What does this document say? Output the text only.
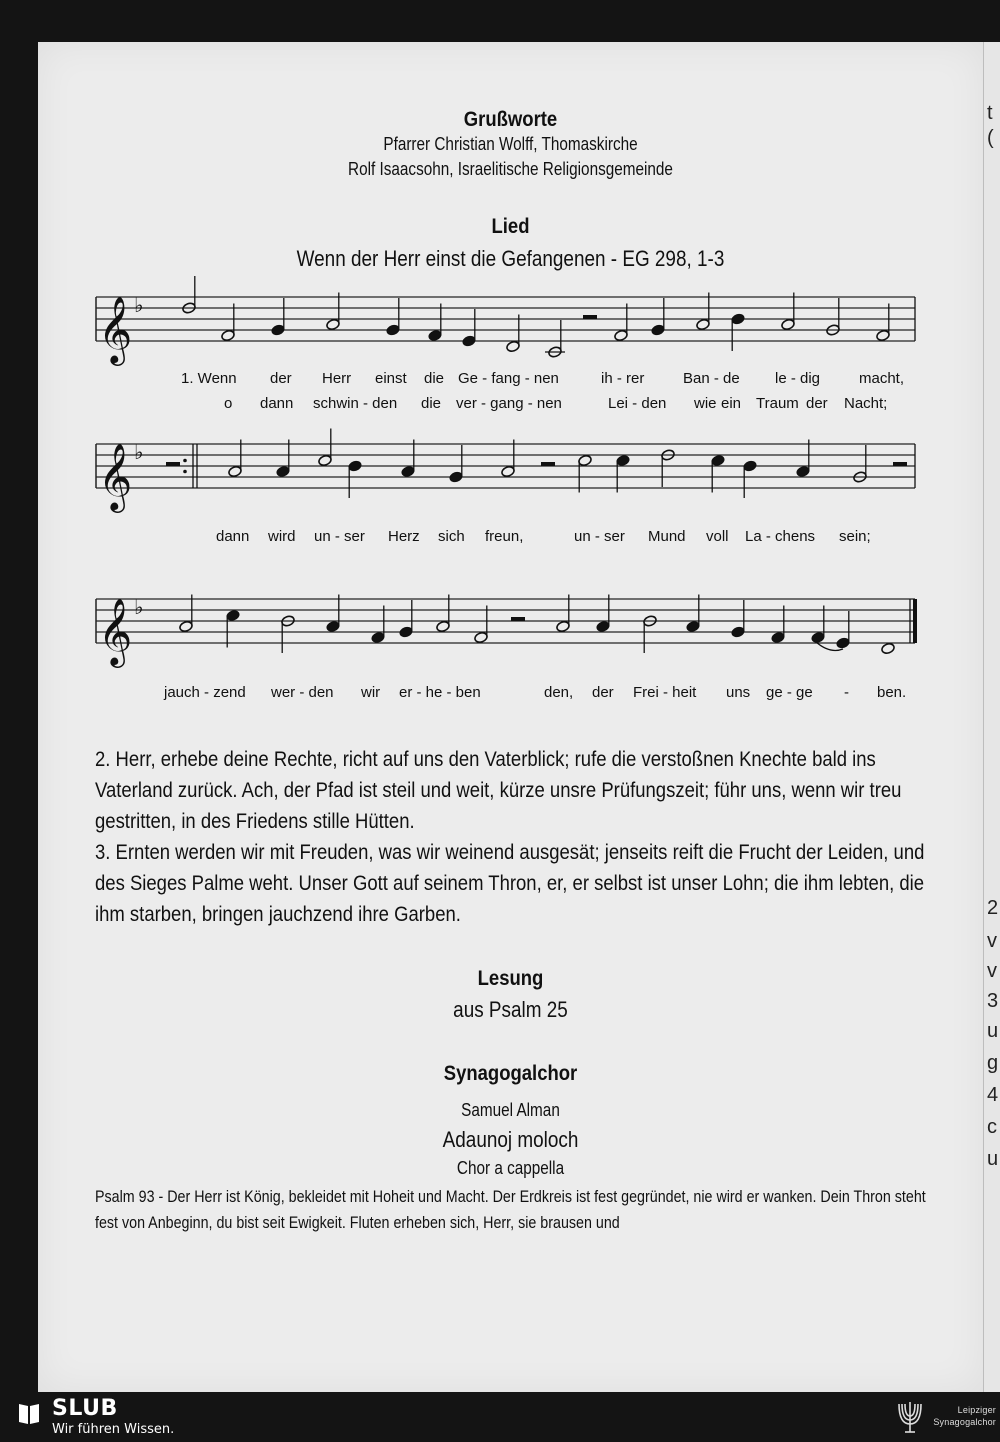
Grußworte
Pfarrer Christian Wolff, Thomaskirche
Rolf Isaacsohn, Israelitische Religionsgemeinde
Lied
Wenn der Herr einst die Gefangenen - EG 298, 1-3
𝄞 ♭
𝄞 ♭
𝄞 ♭
1. Wenn der Herr einst die Ge - fang - nen	ih - rer	Ban - de le - dig	macht,
o dann schwin - den die ver - gang - nen	Lei - den wie ein Traum der Nacht;
dann wird un - ser Herz sich freun,	un - ser Mund voll La - chens sein;
jauch - zend wer - den wir er - he - ben	den, der Frei - heit uns ge - ge - ben.

2. Herr, erhebe deine Rechte, richt auf uns den Vaterblick; rufe die verstoßnen Knechte bald ins Vaterland zurück. Ach, der Pfad ist steil und weit, kürze unsre Prüfungszeit; führ uns, wenn wir treu gestritten, in des Friedens stille Hütten.

3. Ernten werden wir mit Freuden, was wir weinend ausgesät; jenseits reift die Frucht der Leiden, und des Sieges Palme weht. Unser Gott auf seinem Thron, er, er selbst ist unser Lohn; die ihm lebten, die ihm starben, bringen jauchzend ihre Garben.

Lesung
aus Psalm 25
Synagogalchor
Samuel Alman
Adaunoj moloch
Chor a cappella
Psalm 93 - Der Herr ist König, bekleidet mit Hoheit und Macht. Der Erdkreis ist fest gegründet, nie wird er wanken. Dein Thron steht fest von Anbeginn, du bist seit Ewigkeit. Fluten erheben sich, Herr, sie brausen und
t
(
2
v
v
3
u
g
4
c
u
SLUB
Wir führen Wissen.
Leipziger
Synagogalchor
